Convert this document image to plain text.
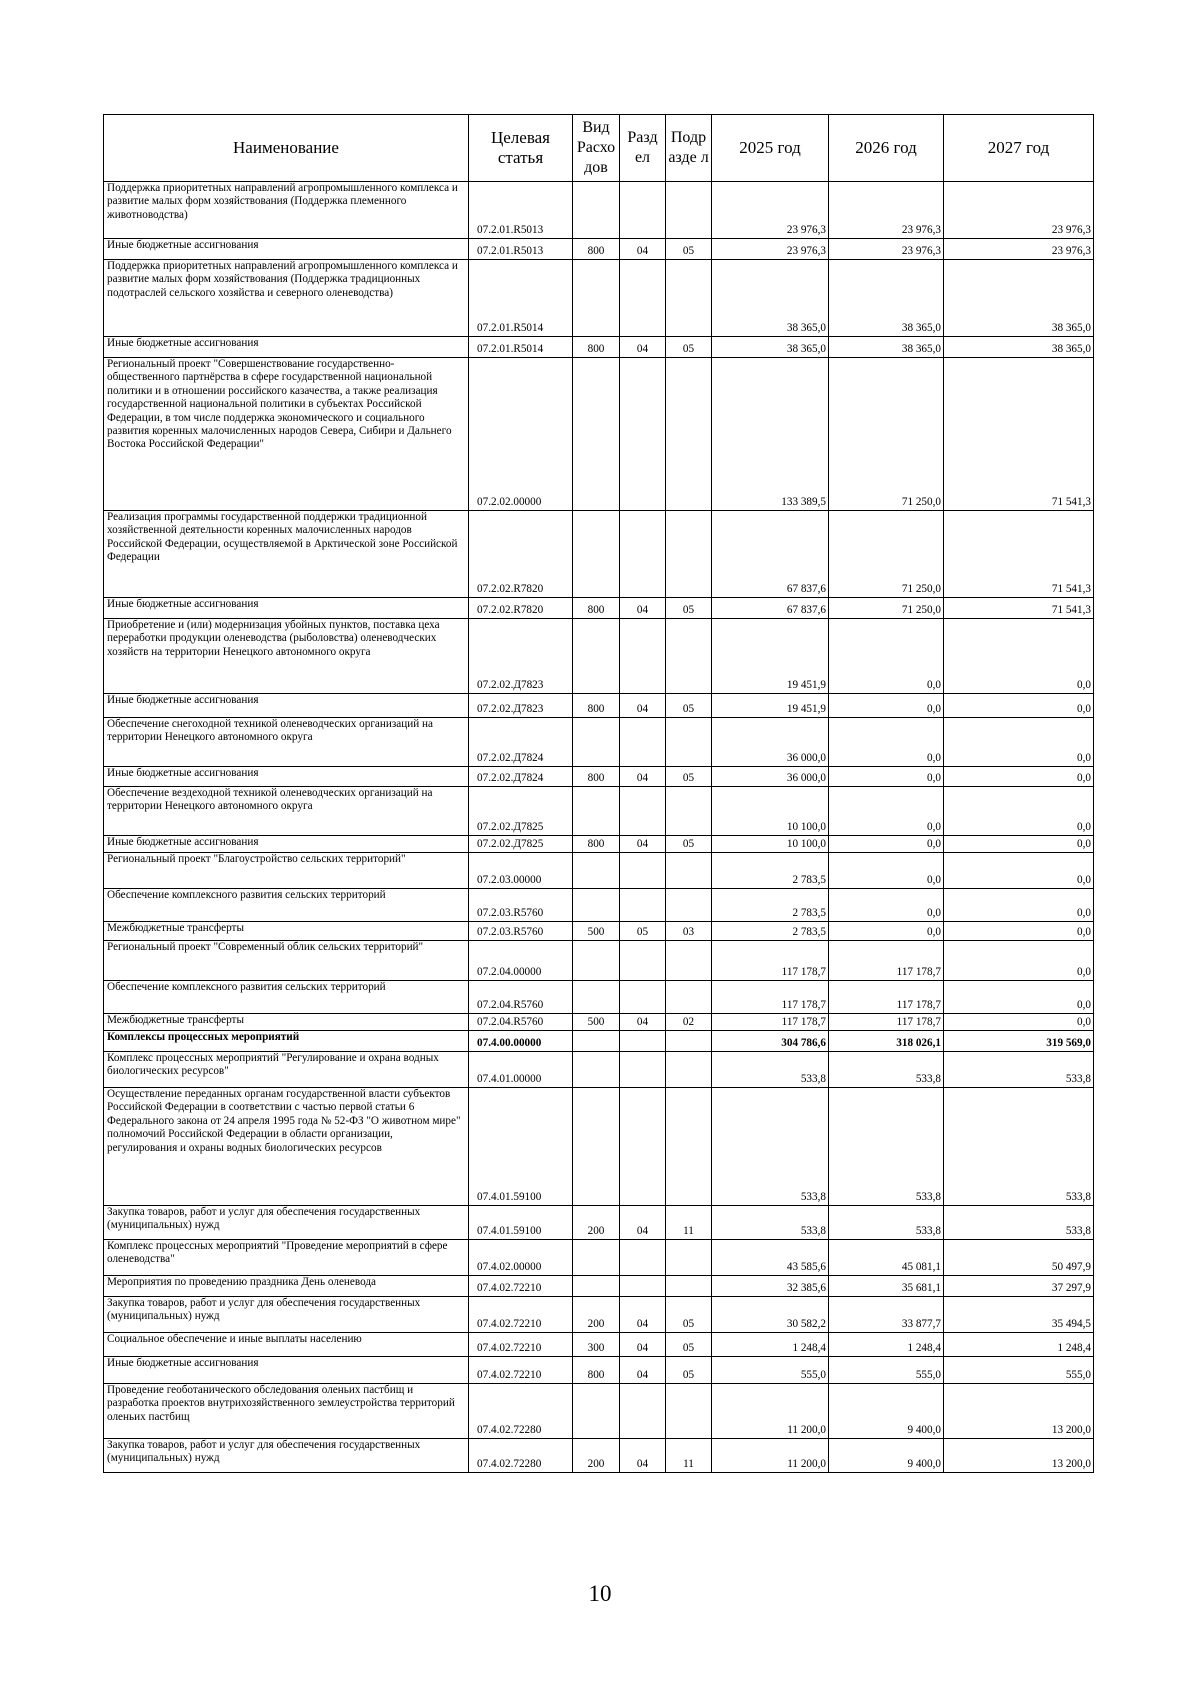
Наименование	Целевая статья	Вид Расхо дов	Разд ел	Подр азде л	2025 год	2026 год	2027 год
Поддержка приоритетных направлений агропромышленного комплекса и развитие малых форм хозяйствования (Поддержка племенного животноводства)	07.2.01.R5013				23 976,3	23 976,3	23 976,3
Иные бюджетные ассигнования	07.2.01.R5013	800	04	05	23 976,3	23 976,3	23 976,3
Поддержка приоритетных направлений агропромышленного комплекса и развитие малых форм хозяйствования (Поддержка традиционных подотраслей сельского хозяйства и северного оленеводства)	07.2.01.R5014				38 365,0	38 365,0	38 365,0
Иные бюджетные ассигнования	07.2.01.R5014	800	04	05	38 365,0	38 365,0	38 365,0
Региональный проект "Совершенствование государственно-общественного партнёрства в сфере государственной национальной политики и в отношении российского казачества, а также реализация государственной национальной политики в субъектах Российской Федерации, в том числе поддержка экономического и социального развития коренных малочисленных народов Севера, Сибири и Дальнего Востока Российской Федерации"	07.2.02.00000				133 389,5	71 250,0	71 541,3
Реализация программы государственной поддержки традиционной хозяйственной деятельности коренных малочисленных народов Российской Федерации, осуществляемой в Арктической зоне Российской Федерации	07.2.02.R7820				67 837,6	71 250,0	71 541,3
Иные бюджетные ассигнования	07.2.02.R7820	800	04	05	67 837,6	71 250,0	71 541,3
Приобретение и (или) модернизация убойных пунктов, поставка цеха переработки продукции оленеводства (рыболовства) оленеводческих хозяйств на территории Ненецкого автономного округа	07.2.02.Д7823				19 451,9	0,0	0,0
Иные бюджетные ассигнования	07.2.02.Д7823	800	04	05	19 451,9	0,0	0,0
Обеспечение снегоходной техникой оленеводческих организаций на территории Ненецкого автономного округа	07.2.02.Д7824				36 000,0	0,0	0,0
Иные бюджетные ассигнования	07.2.02.Д7824	800	04	05	36 000,0	0,0	0,0
Обеспечение вездеходной техникой оленеводческих организаций на территории Ненецкого автономного округа	07.2.02.Д7825				10 100,0	0,0	0,0
Иные бюджетные ассигнования	07.2.02.Д7825	800	04	05	10 100,0	0,0	0,0
Региональный проект "Благоустройство сельских территорий"	07.2.03.00000				2 783,5	0,0	0,0
Обеспечение комплексного развития сельских территорий	07.2.03.R5760				2 783,5	0,0	0,0
Межбюджетные трансферты	07.2.03.R5760	500	05	03	2 783,5	0,0	0,0
Региональный проект "Современный облик сельских территорий"	07.2.04.00000				117 178,7	117 178,7	0,0
Обеспечение комплексного развития сельских территорий	07.2.04.R5760				117 178,7	117 178,7	0,0
Межбюджетные трансферты	07.2.04.R5760	500	04	02	117 178,7	117 178,7	0,0
Комплексы процессных мероприятий	07.4.00.00000				304 786,6	318 026,1	319 569,0
Комплекс процессных мероприятий "Регулирование и охрана водных биологических ресурсов"	07.4.01.00000				533,8	533,8	533,8
Осуществление переданных органам государственной власти субъектов Российской Федерации в соответствии с частью первой статьи 6 Федерального закона от 24 апреля 1995 года № 52-ФЗ "О животном мире" полномочий Российской Федерации в области организации, регулирования и охраны водных биологических ресурсов	07.4.01.59100				533,8	533,8	533,8
Закупка товаров, работ и услуг для обеспечения государственных (муниципальных) нужд	07.4.01.59100	200	04	11	533,8	533,8	533,8
Комплекс процессных мероприятий "Проведение мероприятий в сфере оленеводства"	07.4.02.00000				43 585,6	45 081,1	50 497,9
Мероприятия по проведению праздника День оленевода	07.4.02.72210				32 385,6	35 681,1	37 297,9
Закупка товаров, работ и услуг для обеспечения государственных (муниципальных) нужд	07.4.02.72210	200	04	05	30 582,2	33 877,7	35 494,5
Социальное обеспечение и иные выплаты населению	07.4.02.72210	300	04	05	1 248,4	1 248,4	1 248,4
Иные бюджетные ассигнования	07.4.02.72210	800	04	05	555,0	555,0	555,0
Проведение геоботанического обследования оленьих пастбищ и разработка проектов внутрихозяйственного землеустройства территорий оленьих пастбищ	07.4.02.72280				11 200,0	9 400,0	13 200,0
Закупка товаров, работ и услуг для обеспечения государственных (муниципальных) нужд	07.4.02.72280	200	04	11	11 200,0	9 400,0	13 200,0
10
